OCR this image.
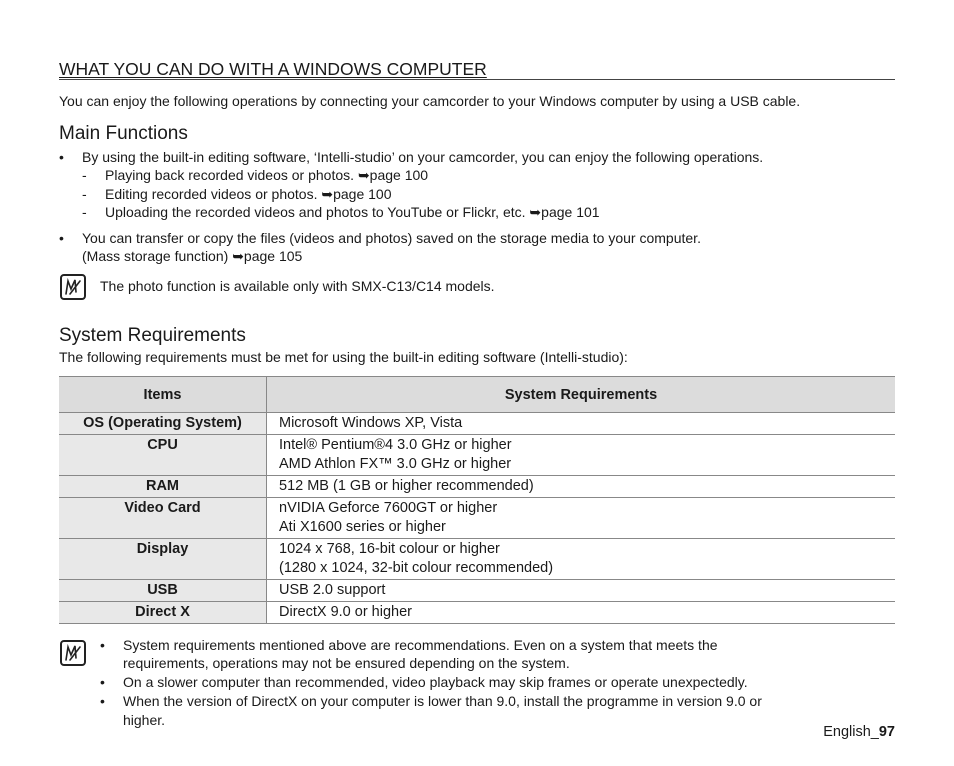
WHAT YOU CAN DO WITH A WINDOWS COMPUTER
You can enjoy the following operations by connecting your camcorder to your Windows computer by using a USB cable.
Main Functions
• By using the built-in editing software, ‘Intelli-studio’ on your camcorder, you can enjoy the following operations.
- Playing back recorded videos or photos. ➥page 100
- Editing recorded videos or photos. ➥page 100
- Uploading the recorded videos and photos to YouTube or Flickr, etc. ➥page 101
• You can transfer or copy the files (videos and photos) saved on the storage media to your computer.
(Mass storage function) ➥page 105
The photo function is available only with SMX-C13/C14 models.
System Requirements
The following requirements must be met for using the built-in editing software (Intelli-studio):
Items	System Requirements
OS (Operating System)	Microsoft Windows XP, Vista

CPU	Intel® Pentium®4 3.0 GHz or higher
AMD Athlon FX™ 3.0 GHz or higher

RAM	512 MB (1 GB or higher recommended)

Video Card	nVIDIA Geforce 7600GT or higher
Ati X1600 series or higher

Display	1024 x 768, 16-bit colour or higher
(1280 x 1024, 32-bit colour recommended)

USB	USB 2.0 support

Direct X	DirectX 9.0 or higher
• System requirements mentioned above are recommendations. Even on a system that meets the
requirements, operations may not be ensured depending on the system.
• On a slower computer than recommended, video playback may skip frames or operate unexpectedly.
• When the version of DirectX on your computer is lower than 9.0, install the programme in version 9.0 or
higher.
English_97
